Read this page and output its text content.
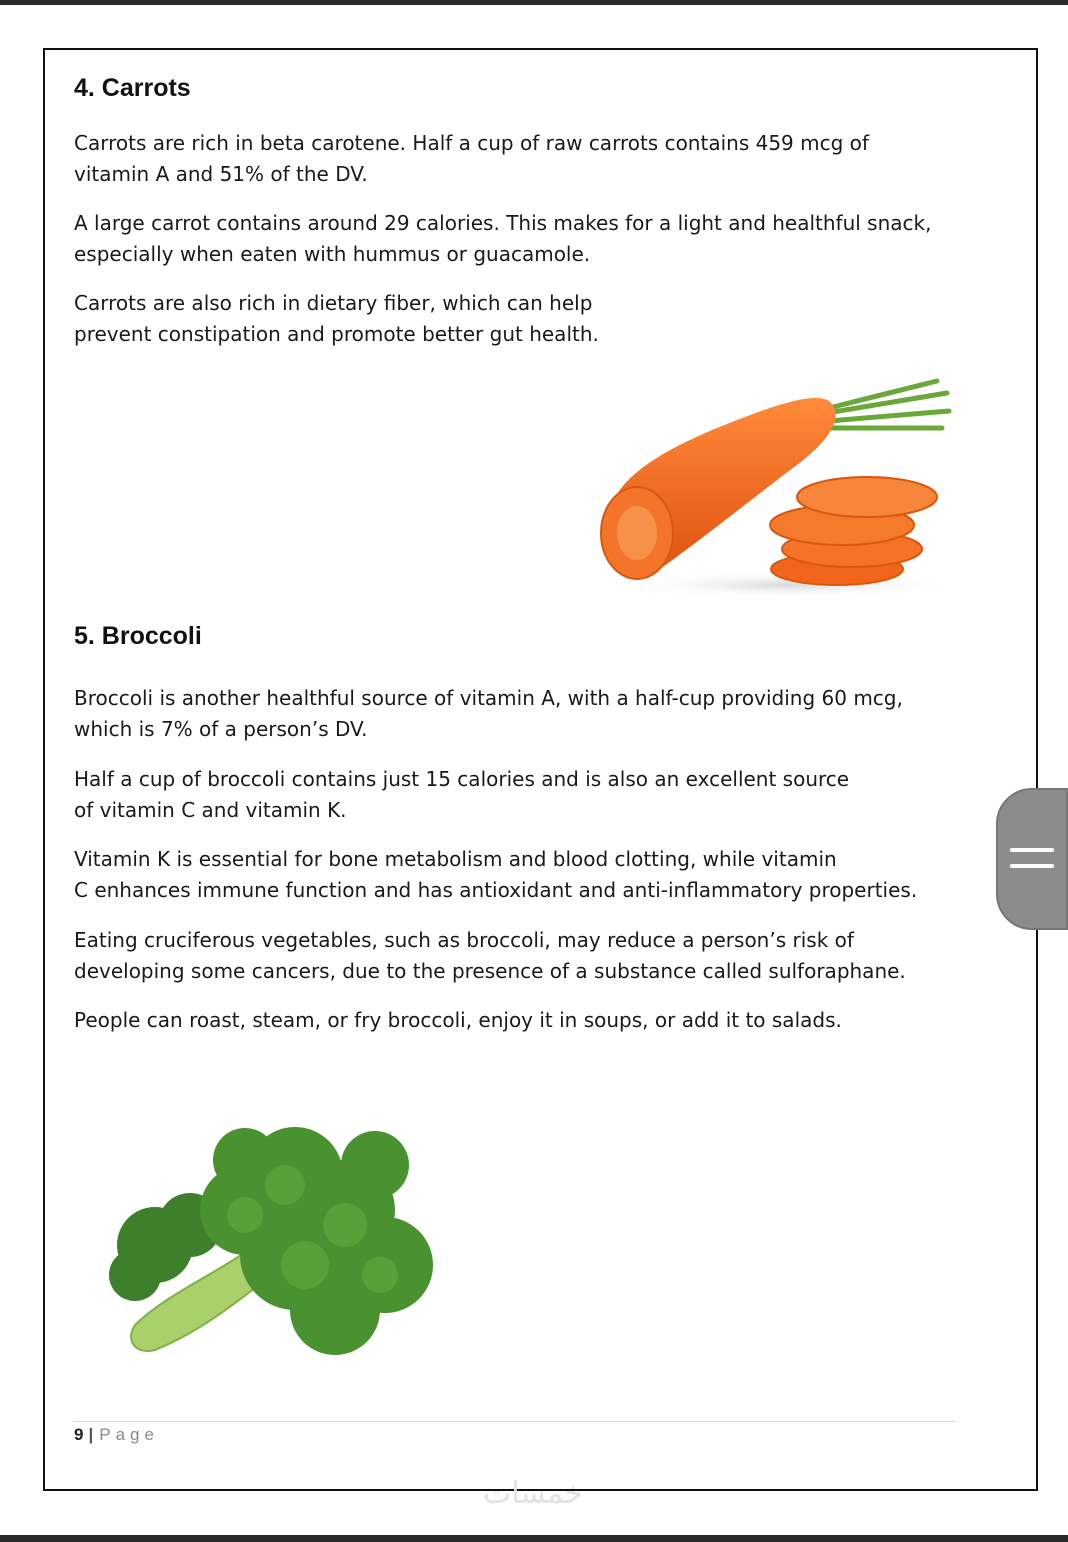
4. Carrots

Carrots are rich in beta carotene. Half a cup of raw carrots contains 459 mcg of
vitamin A and 51% of the DV.

A large carrot contains around 29 calories. This makes for a light and healthful snack,
especially when eaten with hummus or guacamole.

Carrots are also rich in dietary fiber, which can help
prevent constipation and promote better gut health.

5. Broccoli

Broccoli is another healthful source of vitamin A, with a half-cup providing 60 mcg,
which is 7% of a person’s DV.

Half a cup of broccoli contains just 15 calories and is also an excellent source
of vitamin C and vitamin K.

Vitamin K is essential for bone metabolism and blood clotting, while vitamin
C enhances immune function and has antioxidant and anti-inflammatory properties.

Eating cruciferous vegetables, such as broccoli, may reduce a person’s risk of
developing some cancers, due to the presence of a substance called sulforaphane.

People can roast, steam, or fry broccoli, enjoy it in soups, or add it to salads.

9 | Page
خمسات
